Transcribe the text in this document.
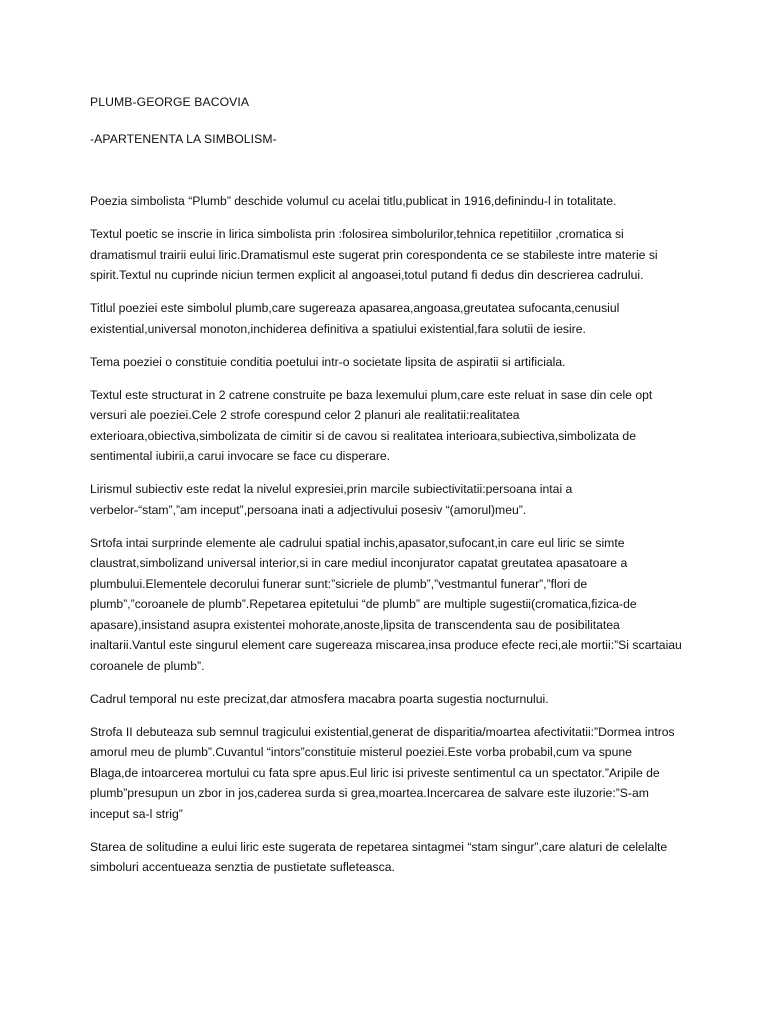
PLUMB-GEORGE BACOVIA
-APARTENENTA LA SIMBOLISM-

Poezia simbolista “Plumb” deschide volumul cu acelai titlu,publicat in 1916,definindu-l in totalitate.

Textul poetic se inscrie in lirica simbolista prin :folosirea simbolurilor,tehnica repetitiilor ,cromatica si dramatismul trairii eului liric.Dramatismul este sugerat prin corespondenta ce se stabileste intre materie si spirit.Textul nu cuprinde niciun termen explicit al angoasei,totul putand fi dedus din descrierea cadrului.

Titlul poeziei este simbolul plumb,care sugereaza apasarea,angoasa,greutatea sufocanta,cenusiul existential,universal monoton,inchiderea definitiva a spatiului existential,fara solutii de iesire.

Tema poeziei o constituie conditia poetului intr-o societate lipsita de aspiratii si artificiala.

Textul este structurat in 2 catrene construite pe baza lexemului plum,care este reluat in sase din cele opt versuri ale poeziei.Cele 2 strofe corespund celor 2 planuri ale realitatii:realitatea exterioara,obiectiva,simbolizata de cimitir si de cavou si realitatea interioara,subiectiva,simbolizata de sentimental iubirii,a carui invocare se face cu disperare.

Lirismul subiectiv este redat la nivelul expresiei,prin marcile subiectivitatii:persoana intai a verbelor-“stam”,”am inceput”,persoana inati a adjectivului posesiv “(amorul)meu”.

Srtofa intai surprinde elemente ale cadrului spatial inchis,apasator,sufocant,in care eul liric se simte claustrat,simbolizand universal interior,si in care mediul inconjurator capatat greutatea apasatoare a plumbului.Elementele decorului funerar sunt:”sicriele de plumb”,”vestmantul funerar”,”flori de plumb”,”coroanele de plumb”.Repetarea epitetului “de plumb” are multiple sugestii(cromatica,fizica-de apasare),insistand asupra existentei mohorate,anoste,lipsita de transcendenta sau de posibilitatea inaltarii.Vantul este singurul element care sugereaza miscarea,insa produce efecte reci,ale mortii:”Si scartaiau coroanele de plumb”.

Cadrul temporal nu este precizat,dar atmosfera macabra poarta sugestia nocturnului.

Strofa II debuteaza sub semnul tragicului existential,generat de disparitia/moartea afectivitatii:”Dormea intros amorul meu de plumb”.Cuvantul “intors”constituie misterul poeziei.Este vorba probabil,cum va spune Blaga,de intoarcerea mortului cu fata spre apus.Eul liric isi priveste sentimentul ca un spectator.”Aripile de plumb”presupun un zbor in jos,caderea surda si grea,moartea.Incercarea de salvare este iluzorie:”S-am inceput sa-l strig”

Starea de solitudine a eului liric este sugerata de repetarea sintagmei “stam singur”,care alaturi de celelalte simboluri accentueaza senztia de pustietate sufleteasca.
